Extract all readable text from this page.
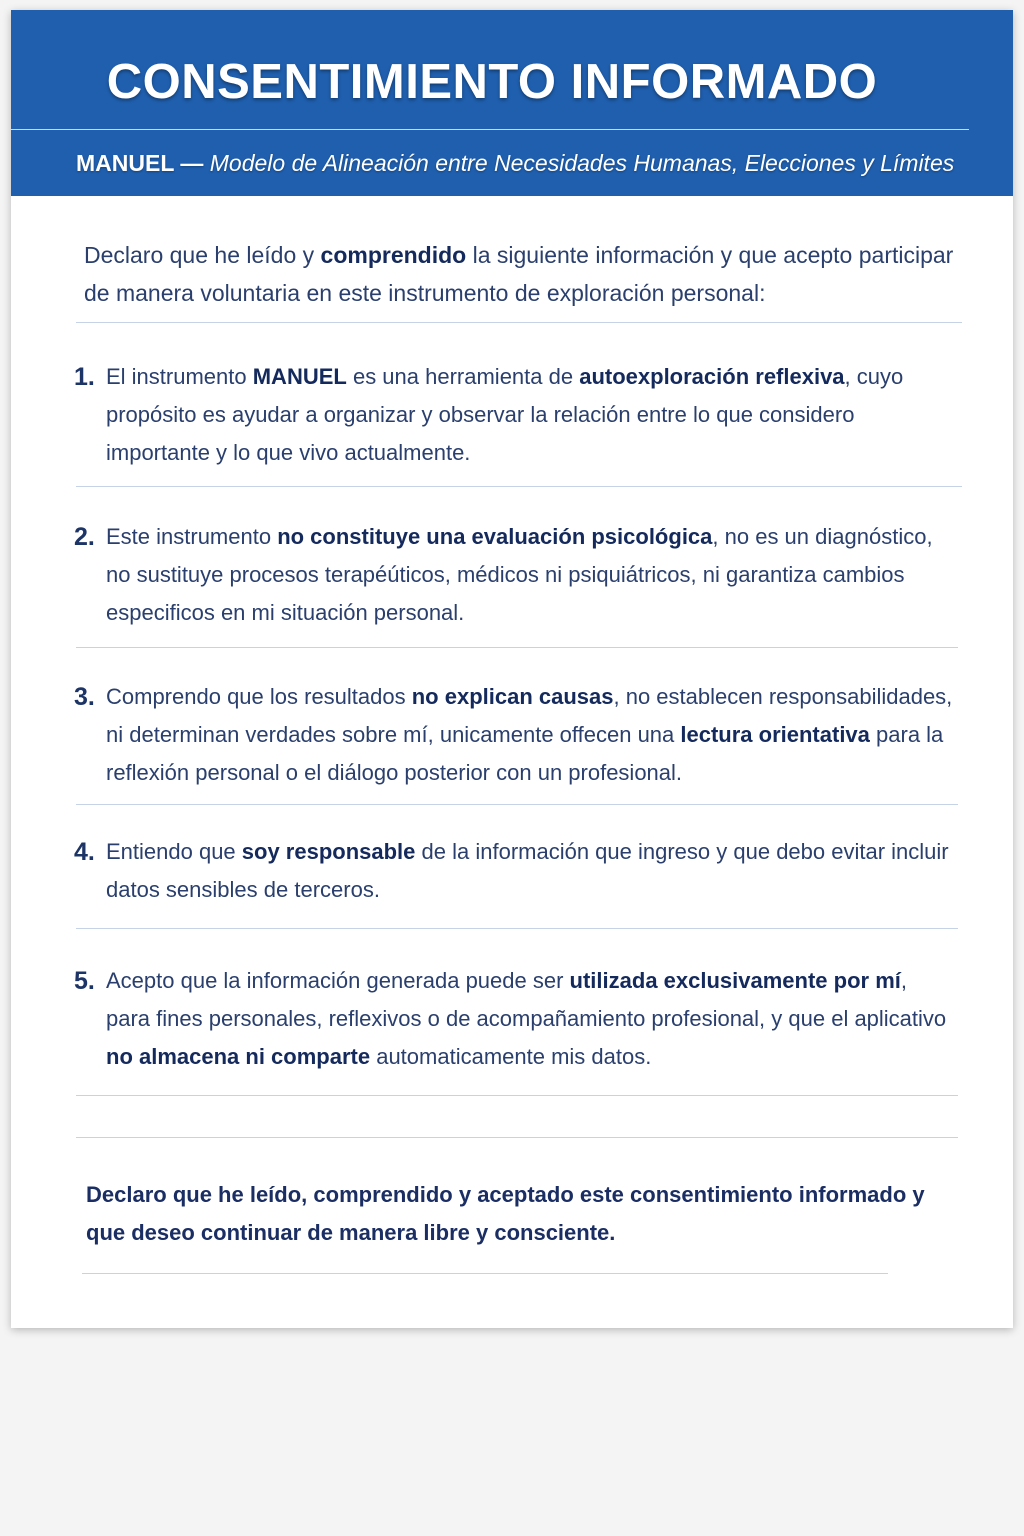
CONSENTIMIENTO INFORMADO
MANUEL — Modelo de Alineación entre Necesidades Humanas, Elecciones y Límites
Declaro que he leído y comprendido la siguiente información y que acepto participar de manera voluntaria en este instrumento de exploración personal:
1. El instrumento MANUEL es una herramienta de autoexploración reflexiva, cuyo propósito es ayudar a organizar y observar la relación entre lo que considero importante y lo que vivo actualmente.
2. Este instrumento no constituye una evaluación psicológica, no es un diagnóstico, no sustituye procesos terapéúticos, médicos ni psiquiátricos, ni garantiza cambios especificos en mi situación personal.
3. Comprendo que los resultados no explican causas, no establecen responsabilidades, ni determinan verdades sobre mí, unicamente offecen una lectura orientativa para la reflexión personal o el diálogo posterior con un profesional.
4. Entiendo que soy responsable de la información que ingreso y que debo evitar incluir datos sensibles de terceros.
5. Acepto que la información generada puede ser utilizada exclusivamente por mí, para fines personales, reflexivos o de acompañamiento profesional, y que el aplicativo no almacena ni comparte automaticamente mis datos.
Declaro que he leído, comprendido y aceptado este consentimiento informado y que deseo continuar de manera libre y consciente.
